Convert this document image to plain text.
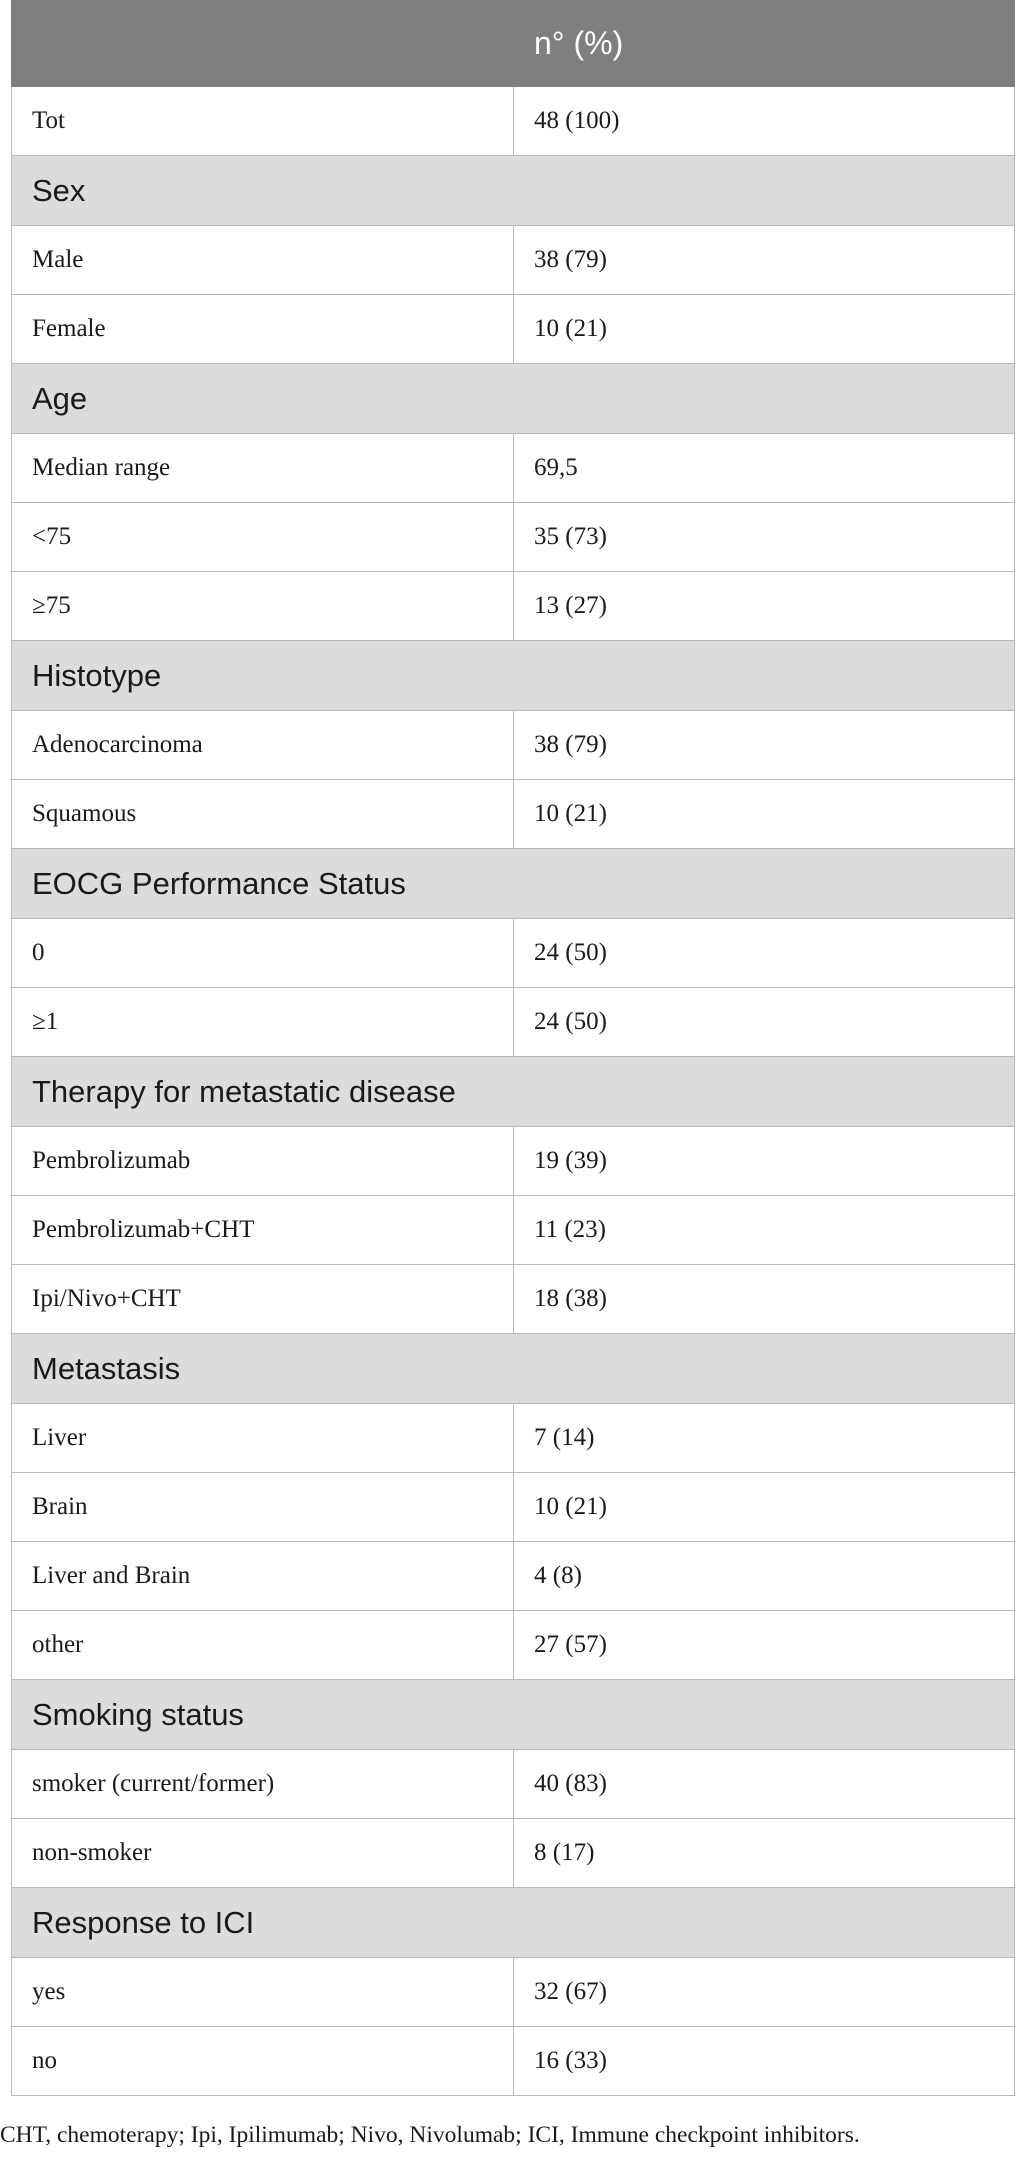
	n° (%)
Tot	48 (100)
Sex	
Male	38 (79)
Female	10 (21)
Age	
Median range	69,5
<75	35 (73)
≥75	13 (27)
Histotype	
Adenocarcinoma	38 (79)
Squamous	10 (21)
EOCG Performance Status	
0	24 (50)
≥1	24 (50)
Therapy for metastatic disease	
Pembrolizumab	19 (39)
Pembrolizumab+CHT	11 (23)
Ipi/Nivo+CHT	18 (38)
Metastasis	
Liver	7 (14)
Brain	10 (21)
Liver and Brain	4 (8)
other	27 (57)
Smoking status	
smoker (current/former)	40 (83)
non-smoker	8 (17)
Response to ICI	
yes	32 (67)
no	16 (33)
CHT, chemoterapy; Ipi, Ipilimumab; Nivo, Nivolumab; ICI, Immune checkpoint inhibitors.
